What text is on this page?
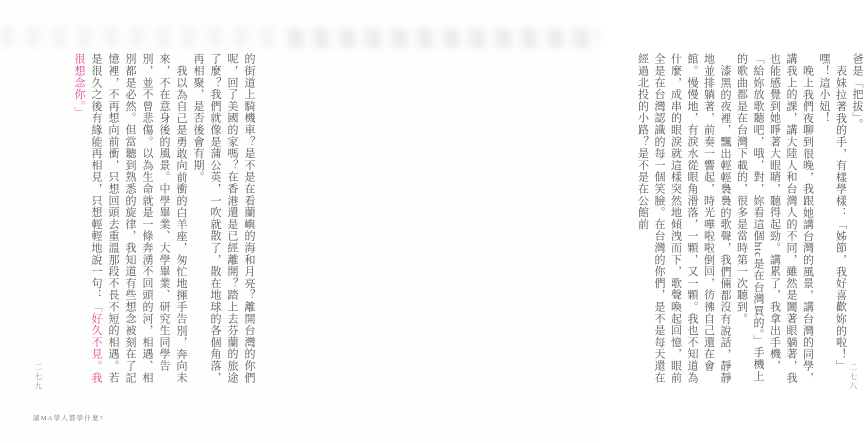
爸是「把拔」。

表妹拉著我的手，有樣學樣：「姊節，我好喜歡妳的啦！」嘿！這小妞！

晚上我們夜聊到很晚，我跟她講台灣的風景，講台灣的同學，講我上的課，講大陸人和台灣人的不同，雖然是闔著眼躺著，我也能感覺到她睜著大眼睛，聽得起勁。講累了，我拿出手機，「給妳放歌聽吧，哦，對，妳看這個htc是在台灣買的。」手機上的歌曲都是在台灣下載的，很多是當時第一次聽到。

漆黑的夜裡，飄出輕輕裊裊的歌聲，我們倆都沒有說話，靜靜地並排躺著，前奏一響起，時光嘩啦啦倒回，彷彿自己還在會館。慢慢地，有淚水從眼角滑落，一顆，又一顆。我也不知道為什麼，成串的眼淚就這樣突然地傾洩而下，歌聲喚起回憶，眼前全是在台灣認識的每一個笑臉。在台灣的你們，是不是每天還在經過北投的小路？是不是在公館前

二七八

的街道上騎機車？是不是在看蘭嶼的海和月亮？離開台灣的你們呢，回了美國的家嗎？在香港還是已經離開？踏上去芬蘭的旅途了麼？我們就像是蒲公英，一吹就散了，散在地球的各個角落，再相聚，是否後會有期。

我以為自己是勇敢向前衝的白羊座，匆忙地揮手告別，奔向未來，不在意身後的風景。中學畢業、大學畢業、研究生同學告別，並不曾悲傷。以為生命就是一條奔湧不回頭的河，相遇、相別都是必然。但當聽到熟悉的旋律，我知道有些想念被刻在了記憶裡，不再想向前衝，只想回頭去重溫那段不長不短的相遇。若是很久之後有緣能再相見，只想輕輕地說一句：「好久不見。我很想念你。」

二七九
讀MA學人都學什麼?
